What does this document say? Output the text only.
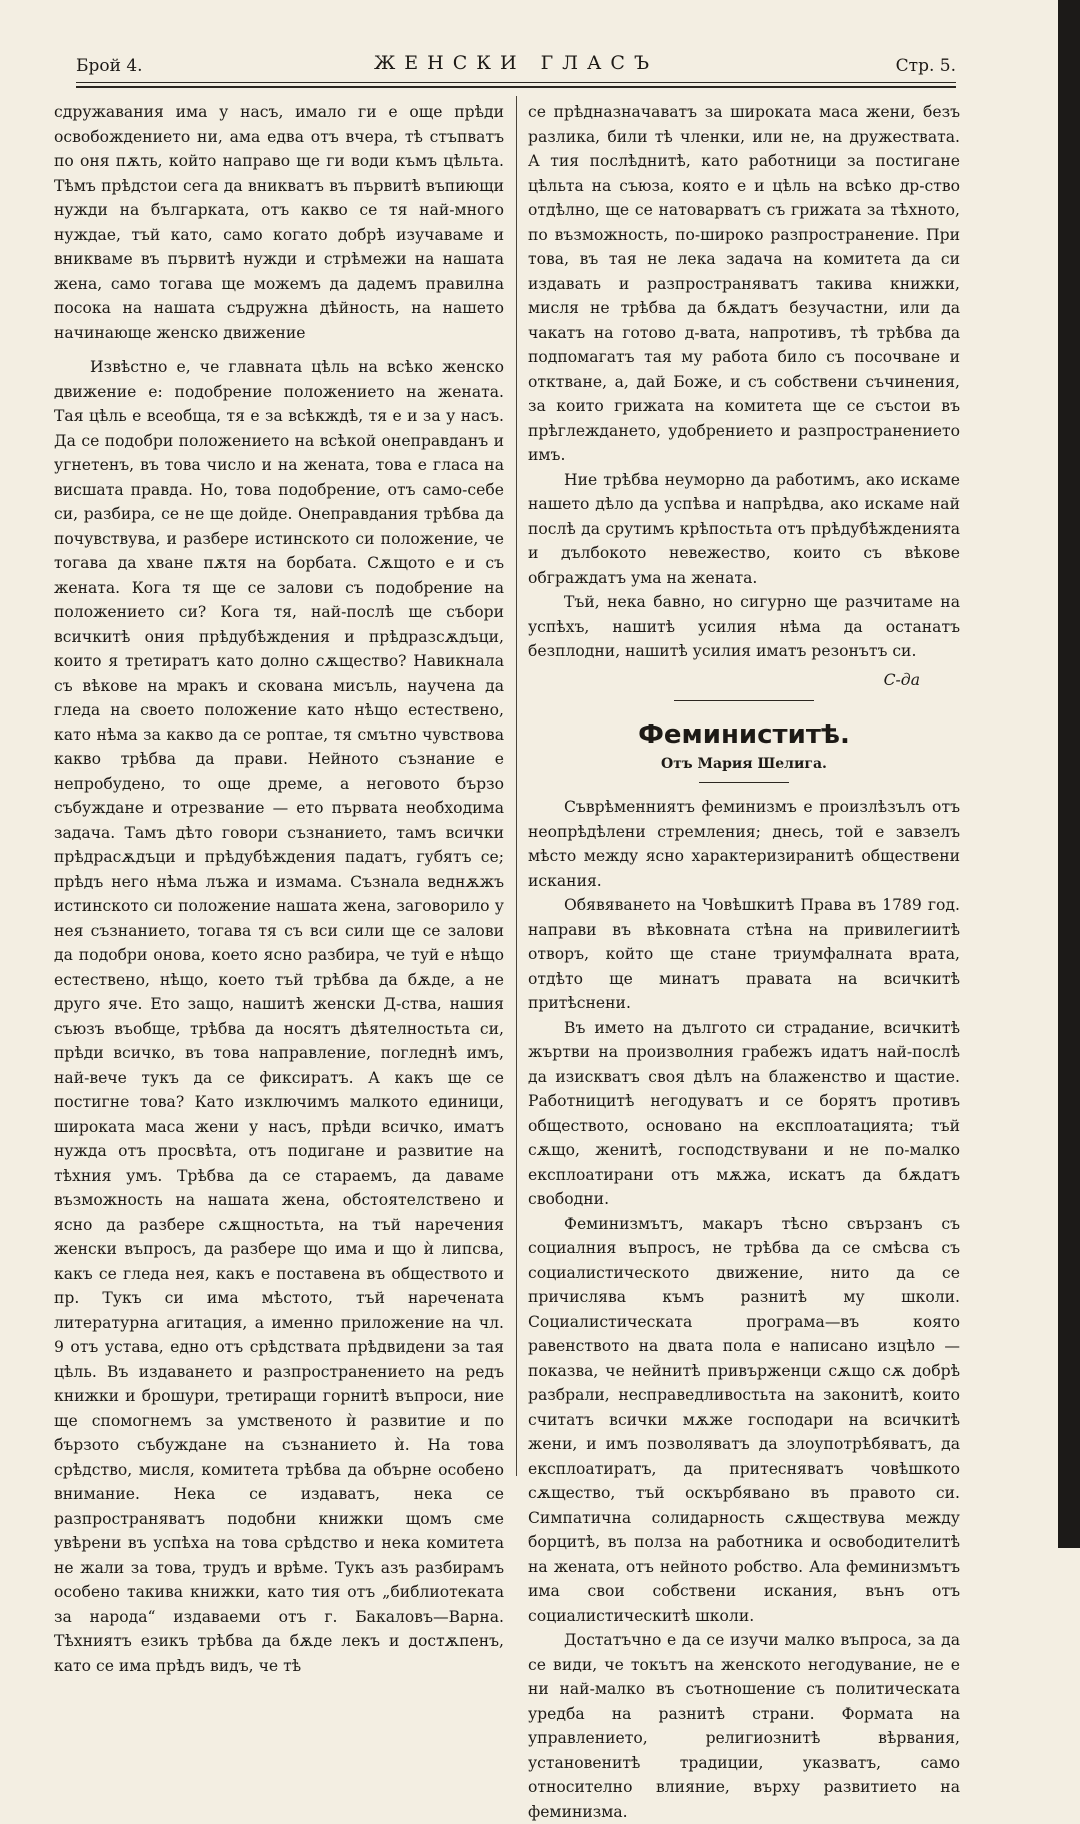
Брой 4.	ЖЕНСКИ ГЛАСЪ	Стр. 5.

сдружавания има у насъ, имало ги е още прѣди освобождението ни, ама едва отъ вчера, тѣ стъпватъ по оня пѫть, който направо ще ги води къмъ цѣльта. Тѣмъ прѣдстои сега да вникватъ въ първитѣ въпиющи нужди на българката, отъ какво се тя най-много нуждае, тъй като, само когато добрѣ изучаваме и вникваме въ първитѣ нужди и стрѣмежи на нашата жена, само тогава ще можемъ да дадемъ правилна посока на нашата съдружна дѣйность, на нашето начинающе женско движение

Извѣстно е, че главната цѣль на всѣко женско движение е: подобрение положението на жената. Тая цѣль е всеобща, тя е за всѣкждѣ, тя е и за у насъ. Да се подобри положението на всѣкой онеправданъ и угнетенъ, въ това число и на жената, това е гласа на висшата правда. Но, това подобрение, отъ само-себе си, разбира, се не ще дойде. Онеправдания трѣбва да почувствува, и разбере истинското си положение, че тогава да хване пѫтя на борбата. Сѫщото е и съ жената. Кога тя ще се залови съ подобрение на положението си? Кога тя, най-послѣ ще събори всичкитѣ ония прѣдубѣждения и прѣдразсѫдъци, които я третиратъ като долно сѫщество? Навикнала съ вѣкове на мракъ и скована мисъль, научена да гледа на своето положение като нѣщо естествено, като нѣма за какво да се роптае, тя смътно чувствова какво трѣбва да прави. Нейното съзнание е непробудено, то още дреме, а неговото бързо събуждане и отрезвание — ето първата необходима задача. Тамъ дѣто говори съзнанието, тамъ всички прѣдрасѫдъци и прѣдубѣждения падатъ, губятъ се; прѣдъ него нѣма лъжа и измама. Съзнала веднѫжъ истинското си положение нашата жена, заговорило у нея съзнанието, тогава тя съ вси сили ще се залови да подобри онова, което ясно разбира, че туй е нѣщо естествено, нѣщо, което тъй трѣбва да бѫде, а не друго яче. Ето защо, нашитѣ женски Д-ства, нашия съюзъ въобще, трѣбва да носятъ дѣятелностьта си, прѣди всичко, въ това направление, погледнѣ имъ, най-вече тукъ да се фиксиратъ. А какъ ще се постигне това? Като изключимъ малкото единици, широката маса жени у насъ, прѣди всичко, иматъ нужда отъ просвѣта, отъ подигане и развитие на тѣхния умъ. Трѣбва да се стараемъ, да даваме възможность на нашата жена, обстоятелствено и ясно да разбере сѫщностьта, на тъй наречения женски въпросъ, да разбере що има и що ѝ липсва, какъ се гледа нея, какъ е поставена въ обществото и пр. Тукъ си има мѣстото, тъй наречената литературна агитация, а именно приложение на чл. 9 отъ устава, едно отъ срѣдствата прѣдвидени за тая цѣль. Въ издаването и разпространението на редъ книжки и брошури, третиращи горнитѣ въпроси, ние ще спомогнемъ за умственото ѝ развитие и по бързото събуждане на съзнанието ѝ. На това срѣдство, мисля, комитета трѣбва да обърне особено внимание. Нека се издаватъ, нека се разпространяватъ подобни книжки щомъ сме увѣрени въ успѣха на това срѣдство и нека комитета не жали за това, трудъ и врѣме. Тукъ азъ разбирамъ особено такива книжки, като тия отъ „библиотеката за народа“ издаваеми отъ г. Бакаловъ—Варна. Тѣхниятъ езикъ трѣбва да бѫде лекъ и достѫпенъ, като се има прѣдъ видъ, че тѣ

се прѣдназначаватъ за широката маса жени, безъ разлика, били тѣ членки, или не, на дружествата. А тия послѣднитѣ, като работници за постигане цѣльта на съюза, която е и цѣль на всѣко др-ство отдѣлно, ще се натоварватъ съ грижата за тѣхното, по възможность, по-широко разпространение. При това, въ тая не лека задача на комитета да си издавать и разпространяватъ такива книжки, мисля не трѣбва да бѫдатъ безучастни, или да чакатъ на готово д-вата, напротивъ, тѣ трѣбва да подпомагатъ тая му работа било съ посочване и отктване, а, дай Боже, и съ собствени съчинения, за които грижата на комитета ще се състои въ прѣглеждането, удобрението и разпространението имъ.

Ние трѣбва неуморно да работимъ, ако искаме нашето дѣло да успѣва и напрѣдва, ако искаме най послѣ да срутимъ крѣпостьта отъ прѣдубѣжденията и дълбокото невежество, които съ вѣкове обграждатъ ума на жената.

Тъй, нека бавно, но сигурно ще разчитаме на успѣхъ, нашитѣ усилия нѣма да останатъ безплодни, нашитѣ усилия иматъ резонътъ си.

С-да

Феминиститѣ.

Отъ Мария Шелига.

Съврѣменниятъ феминизмъ е произлѣзълъ отъ неопрѣдѣлени стремления; днесь, той е завзелъ мѣсто между ясно характеризиранитѣ обществени искания.

Обявяването на Човѣшкитѣ Права въ 1789 год. направи въ вѣковната стѣна на привилегиитѣ отворъ, който ще стане триумфалната врата, отдѣто ще минатъ правата на всичкитѣ притѣснени.

Въ името на дългото си страдание, всичкитѣ жъртви на произволния грабежъ идатъ най-послѣ да изискватъ своя дѣлъ на блаженство и щастие. Работницитѣ негодуватъ и се борятъ противъ обществото, основано на експлоатацията; тъй сѫщо, женитѣ, господствувани и не по-малко експлоатирани отъ мѫжа, искатъ да бѫдатъ свободни.

Феминизмътъ, макаръ тѣсно свързанъ съ социалния въпросъ, не трѣбва да се смѣсва съ социалистическото движение, нито да се причислява къмъ разнитѣ му школи. Социалистическата програма—въ която равенството на двата пола е написано изцѣло — показва, че нейнитѣ привърженци сѫщо сѫ добрѣ разбрали, несправедливостьта на законитѣ, които считатъ всички мѫже господари на всичкитѣ жени, и имъ позволяватъ да злоупотрѣбяватъ, да експлоатиратъ, да притесняватъ човѣшкото сѫщество, тъй оскърбявано въ правото си. Симпатична солидарность сѫществува между борцитѣ, въ полза на работника и освободителитѣ на жената, отъ нейното робство. Ала феминизмътъ има свои собствени искания, вънъ отъ социалистическитѣ школи.

Достатъчно е да се изучи малко въпроса, за да се види, че токътъ на женското негодувание, не е ни най-малко въ съотношение съ политическата уредба на разнитѣ страни. Формата на управлението, религиознитѣ вѣрвания, установенитѣ традиции, указватъ, само относително влияние, върху развитието на феминизма.
